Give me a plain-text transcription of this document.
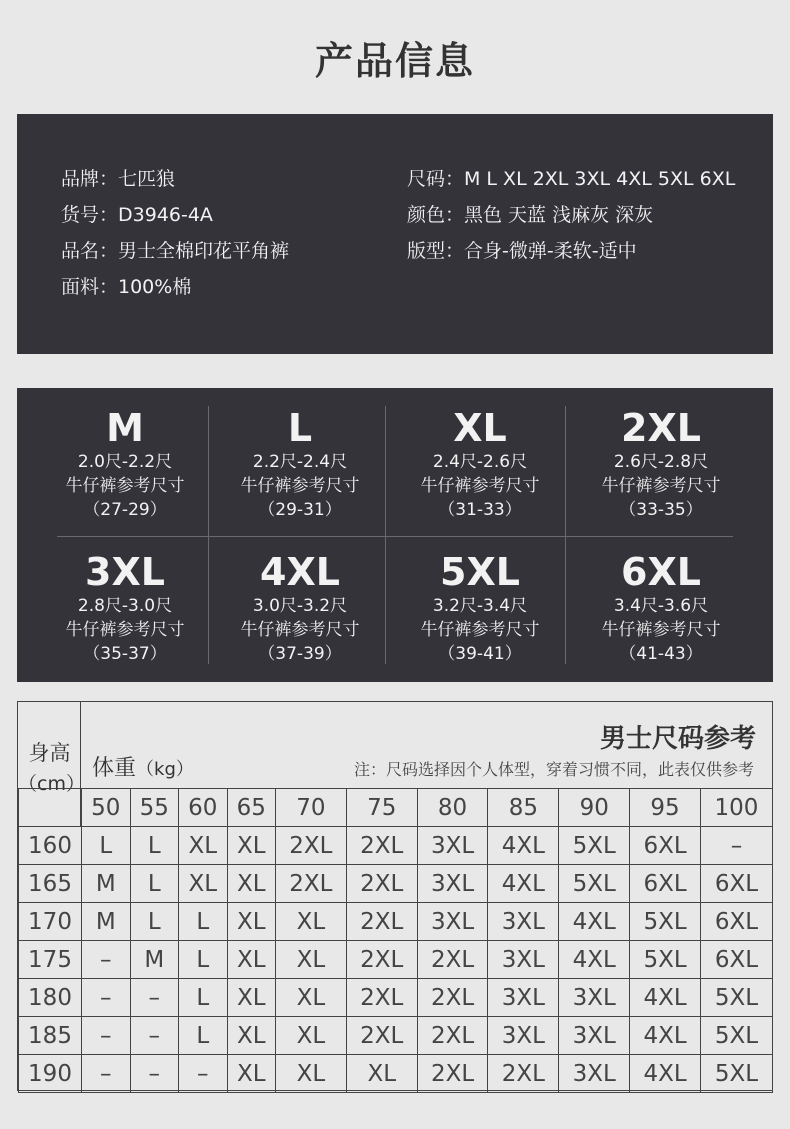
产品信息
品牌：七匹狼
货号：D3946-4A
品名：男士全棉印花平角裤
面料：100%棉
尺码：M L XL 2XL 3XL 4XL 5XL 6XL
颜色：黑色 天蓝 浅麻灰 深灰
版型：合身-微弹-柔软-适中
M
2.0尺-2.2尺
牛仔裤参考尺寸
（27-29）
L
2.2尺-2.4尺
牛仔裤参考尺寸
（29-31）
XL
2.4尺-2.6尺
牛仔裤参考尺寸
（31-33）
2XL
2.6尺-2.8尺
牛仔裤参考尺寸
（33-35）
3XL
2.8尺-3.0尺
牛仔裤参考尺寸
（35-37）
4XL
3.0尺-3.2尺
牛仔裤参考尺寸
（37-39）
5XL
3.2尺-3.4尺
牛仔裤参考尺寸
（39-41）
6XL
3.4尺-3.6尺
牛仔裤参考尺寸
（41-43）
身高
（cm）
体重（kg）
男士尺码参考
注：尺码选择因个人体型，穿着习惯不同，此表仅供参考
	50	55	60	65	70	75	80	85	90	95	100
160	L	L	XL	XL	2XL	2XL	3XL	4XL	5XL	6XL	–
165	M	L	XL	XL	2XL	2XL	3XL	4XL	5XL	6XL	6XL
170	M	L	L	XL	XL	2XL	3XL	3XL	4XL	5XL	6XL
175	–	M	L	XL	XL	2XL	2XL	3XL	4XL	5XL	6XL
180	–	–	L	XL	XL	2XL	2XL	3XL	3XL	4XL	5XL
185	–	–	L	XL	XL	2XL	2XL	3XL	3XL	4XL	5XL
190	–	–	–	XL	XL	XL	2XL	2XL	3XL	4XL	5XL
